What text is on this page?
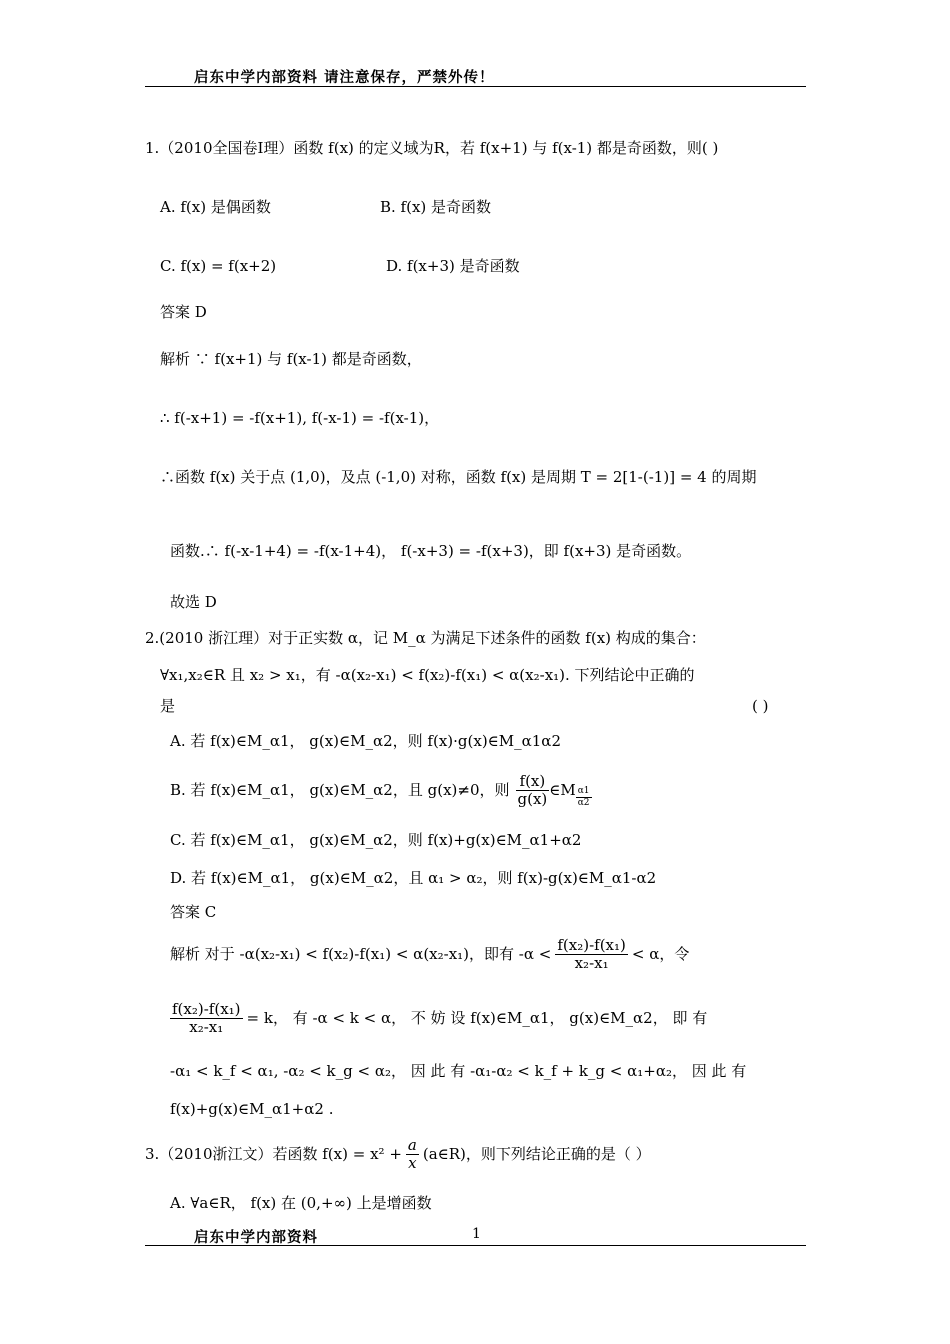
启东中学内部资料 请注意保存，严禁外传！
1.（2010全国卷Ⅰ理）函数 f(x) 的定义域为R，若 f(x+1) 与 f(x-1) 都是奇函数，则( )
A. f(x) 是偶函数	B. f(x) 是奇函数
C. f(x) = f(x+2)	D. f(x+3) 是奇函数
答案 D
解析 ∵ f(x+1) 与 f(x-1) 都是奇函数，
∴ f(-x+1) = -f(x+1), f(-x-1) = -f(x-1)，
∴函数 f(x) 关于点 (1,0)，及点 (-1,0) 对称，函数 f(x) 是周期 T = 2[1-(-1)] = 4 的周期
函数.∴ f(-x-1+4) = -f(x-1+4)， f(-x+3) = -f(x+3)，即 f(x+3) 是奇函数。
故选 D
2.(2010 浙江理）对于正实数 α，记 M_α 为满足下述条件的函数 f(x) 构成的集合：
∀x₁,x₂∈R 且 x₂ > x₁，有 -α(x₂-x₁) < f(x₂)-f(x₁) < α(x₂-x₁). 下列结论中正确的
是	( )
A. 若 f(x)∈M_α1， g(x)∈M_α2，则 f(x)·g(x)∈M_α1α2
B. 若 f(x)∈M_α1， g(x)∈M_α2，且 g(x)≠0，则 $\frac{f(x)}{g(x)}$ ∈M $\frac{\alpha 1}{\alpha 2}$
C. 若 f(x)∈M_α1， g(x)∈M_α2，则 f(x)+g(x)∈M_α1+α2
D. 若 f(x)∈M_α1， g(x)∈M_α2，且 α₁ > α₂，则 f(x)-g(x)∈M_α1-α2
答案 C
解析 对于 -α(x₂-x₁) < f(x₂)-f(x₁) < α(x₂-x₁)，即有 $-\alpha < \frac{\text{f(x₂)-f(x₁)}}{\text{x₂-x₁}} < \alpha$，令
$\frac{\text{f(x₂)-f(x₁)}}{\text{x₂-x₁}} = k$， 有 -α < k < α， 不 妨 设 f(x)∈M_α1， g(x)∈M_α2， 即 有
-α₁ < k_f < α₁, -α₂ < k_g < α₂， 因 此 有 -α₁-α₂ < k_f + k_g < α₁+α₂， 因 此 有
f(x)+g(x)∈M_α1+α2 .
3.（2010浙江文）若函数 $f(x) = x^2 + \frac{a}{x}$ (a∈R)，则下列结论正确的是（ ）
A. ∀a∈R， f(x) 在 (0,+∞) 上是增函数
启东中学内部资料	1
